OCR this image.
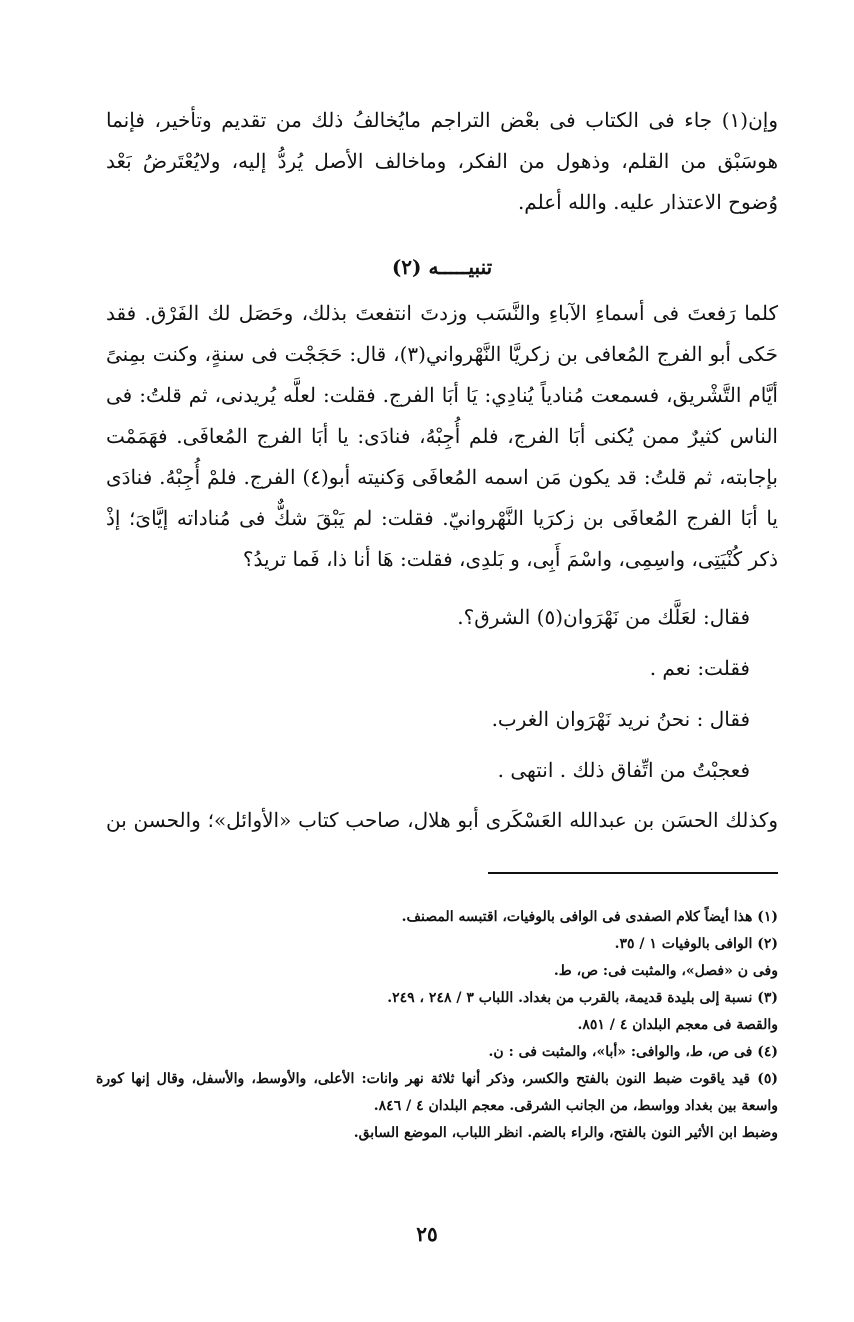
وإن(١) جاء فى الكتاب فى بعْض التراجم مايُخالفُ ذلك من تقديم وتأخير، فإنما هوسَبْق من القلم، وذهول من الفكر، وماخالف الأصل يُردُّ إليه، ولايُعْتَرضُ بَعْد وُضوح الاعتذار عليه. والله أعلم.

تنبيـــــه (٢)

كلما رَفعتَ فى أسماءِ الآباءِ والنَّسَب وزدتَ انتفعتَ بذلك، وحَصَل لك الفَرْق. فقد حَكى أبو الفرج المُعافى بن زكريَّا النَّهْرواني(٣)، قال: حَجَجْت فى سنةٍ، وكنت بمِنىً أيَّام التَّشْريق، فسمعت مُنادياً يُنادِي: يَا أبَا الفرج. فقلت: لعلَّه يُريدنى، ثم قلتُ: فى الناس كثيرٌ ممن يُكنى أبَا الفرج، فلم أُجِبْهُ، فنادَى: يا أبَا الفرج المُعافَى. فهَمَمْت بإجابته، ثم قلتُ: قد يكون مَن اسمه المُعافَى وَكنيته أبو(٤) الفرج. فلمْ أُجِبْهُ. فنادَى يا أبَا الفرج المُعافَى بن زكرَيا النَّهْروانيّ. فقلت: لم يَبْقَ شكٌّ فى مُناداته إيَّاىَ؛ إذْ ذكر كُنْيَتِى، واسِمِى، واسْمَ أَبِى، و بَلدِى، فقلت: هَا أنا ذا، فَما تريدُ؟

فقال: لعَلَّك من نَهْرَوان(٥) الشرق؟.

فقلت: نعم .

فقال : نحنُ نريد نَهْرَوان الغرب.

فعجبْتُ من اتِّفاق ذلك . انتهى .

وكذلك الحسَن بن عبدالله العَسْكَرى أبو هلال، صاحب كتاب «الأوائل»؛ والحسن بن

(١) هذا أيضاً كلام الصفدى فى الوافى بالوفيات، اقتبسه المصنف.

(٢) الوافى بالوفيات ١ / ٣٥.

وفى ن «فصل»، والمثبت فى: ص، ط.

(٣) نسبة إلى بليدة قديمة، بالقرب من بغداد. اللباب ٣ / ٢٤٨ ، ٢٤٩.

والقصة فى معجم البلدان ٤ / ٨٥١.

(٤) فى ص، ط، والوافى: «أبا»، والمثبت فى : ن.

(٥) قيد ياقوت ضبط النون بالفتح والكسر، وذكر أنها ثلاثة نهر وانات: الأعلى، والأوسط، والأسفل، وقال إنها كورة

واسعة بين بغداد وواسط، من الجانب الشرقى. معجم البلدان ٤ / ٨٤٦.

وضبط ابن الأثير النون بالفتح، والراء بالضم. انظر اللباب، الموضع السابق.

٢٥
